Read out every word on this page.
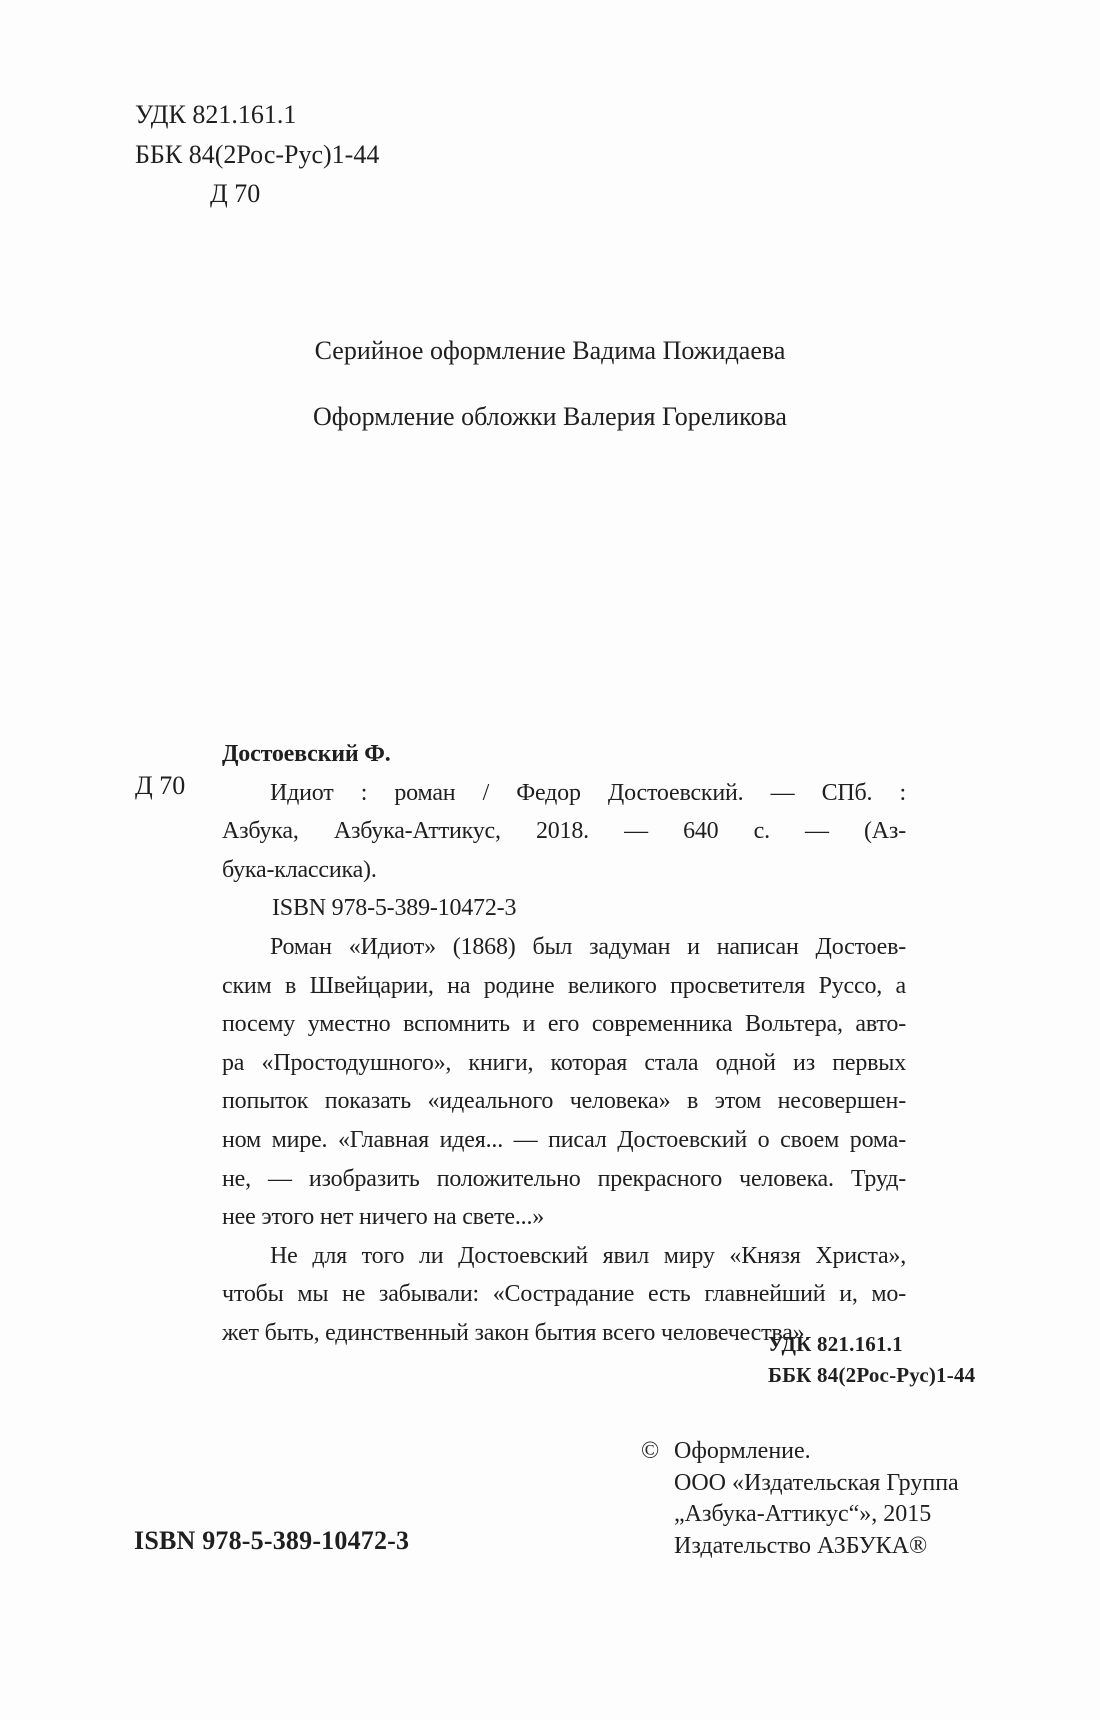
УДК 821.161.1
ББК 84(2Рос-Рус)1-44
Д 70
Серийное оформление Вадима Пожидаева
Оформление обложки Валерия Гореликова
Д 70
Достоевский Ф.
Идиот : роман / Федор Достоевский. — СПб. :
Азбука, Азбука-Аттикус, 2018. — 640 с. — (Аз-
бука-классика).
ISBN 978-5-389-10472-3
Роман «Идиот» (1868) был задуман и написан Достоев-
ским в Швейцарии, на родине великого просветителя Руссо, а
посему уместно вспомнить и его современника Вольтера, авто-
ра «Простодушного», книги, которая стала одной из первых
попыток показать «идеального человека» в этом несовершен-
ном мире. «Главная идея... — писал Достоевский о своем рома-
не, — изобразить положительно прекрасного человека. Труд-
нее этого нет ничего на свете...»
Не для того ли Достоевский явил миру «Князя Христа»,
чтобы мы не забывали: «Сострадание есть главнейший и, мо-
жет быть, единственный закон бытия всего человечества».
УДК 821.161.1
ББК 84(2Рос-Рус)1-44
© Оформление.
ООО «Издательская Группа
„Азбука-Аттикус“», 2015
Издательство АЗБУКА®
ISBN 978-5-389-10472-3
